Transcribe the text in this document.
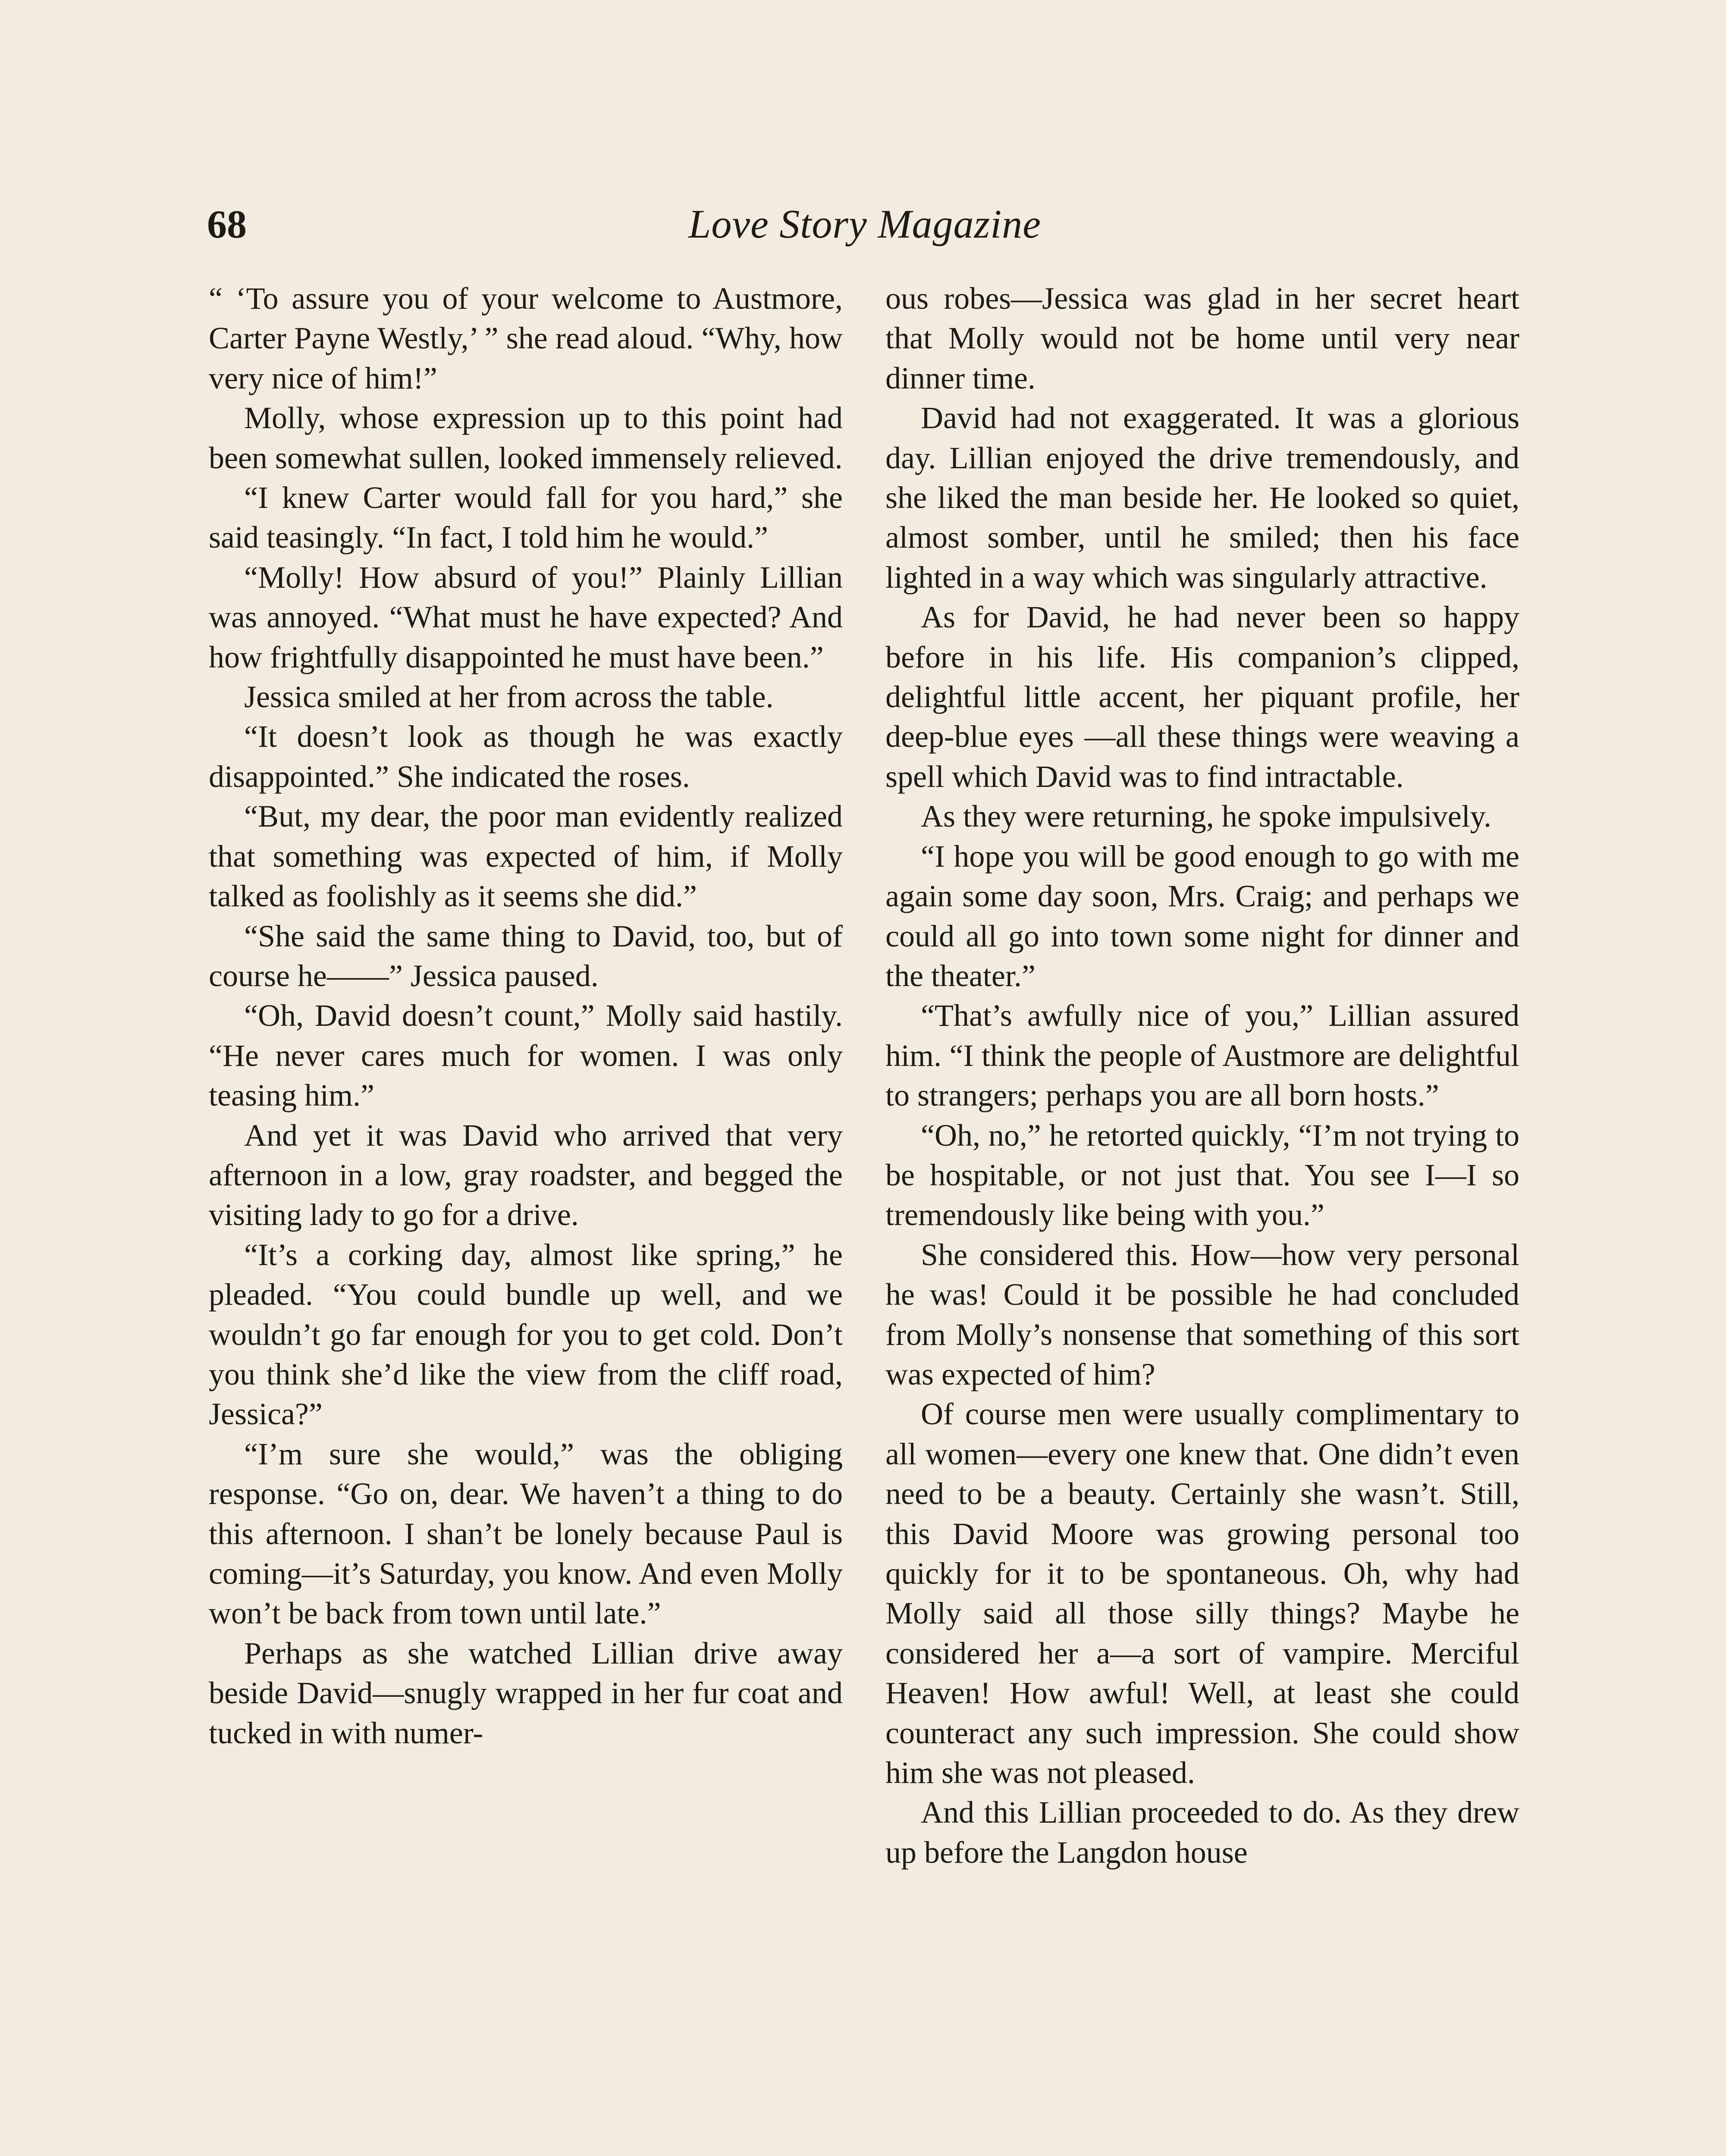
68	Love Story Magazine

“ ‘To assure you of your welcome to Austmore, Carter Payne Westly,’ ” she read aloud. “Why, how very nice of him!”

Molly, whose expression up to this point had been somewhat sullen, looked immensely relieved.

“I knew Carter would fall for you hard,” she said teasingly. “In fact, I told him he would.”

“Molly! How absurd of you!” Plainly Lillian was annoyed. “What must he have expected? And how frightfully disappointed he must have been.”

Jessica smiled at her from across the table.

“It doesn’t look as though he was exactly disappointed.” She indicated the roses.

“But, my dear, the poor man evidently realized that something was expected of him, if Molly talked as foolishly as it seems she did.”

“She said the same thing to David, too, but of course he——” Jessica paused.

“Oh, David doesn’t count,” Molly said hastily. “He never cares much for women. I was only teasing him.”

And yet it was David who arrived that very afternoon in a low, gray roadster, and begged the visiting lady to go for a drive.

“It’s a corking day, almost like spring,” he pleaded. “You could bundle up well, and we wouldn’t go far enough for you to get cold. Don’t you think she’d like the view from the cliff road, Jessica?”

“I’m sure she would,” was the obliging response. “Go on, dear. We haven’t a thing to do this afternoon. I shan’t be lonely because Paul is coming—it’s Saturday, you know. And even Molly won’t be back from town until late.”

Perhaps as she watched Lillian drive away beside David—snugly wrapped in her fur coat and tucked in with numer-

ous robes—Jessica was glad in her secret heart that Molly would not be home until very near dinner time.

David had not exaggerated. It was a glorious day. Lillian enjoyed the drive tremendously, and she liked the man beside her. He looked so quiet, almost somber, until he smiled; then his face lighted in a way which was singularly attractive.

As for David, he had never been so happy before in his life. His companion’s clipped, delightful little accent, her piquant profile, her deep-blue eyes —all these things were weaving a spell which David was to find intractable.

As they were returning, he spoke impulsively.

“I hope you will be good enough to go with me again some day soon, Mrs. Craig; and perhaps we could all go into town some night for dinner and the theater.”

“That’s awfully nice of you,” Lillian assured him. “I think the people of Austmore are delightful to strangers; perhaps you are all born hosts.”

“Oh, no,” he retorted quickly, “I’m not trying to be hospitable, or not just that. You see I—I so tremendously like being with you.”

She considered this. How—how very personal he was! Could it be possible he had concluded from Molly’s nonsense that something of this sort was expected of him?

Of course men were usually complimentary to all women—every one knew that. One didn’t even need to be a beauty. Certainly she wasn’t. Still, this David Moore was growing personal too quickly for it to be spontaneous. Oh, why had Molly said all those silly things? Maybe he considered her a—a sort of vampire. Merciful Heaven! How awful! Well, at least she could counteract any such impression. She could show him she was not pleased.

And this Lillian proceeded to do. As they drew up before the Langdon house
